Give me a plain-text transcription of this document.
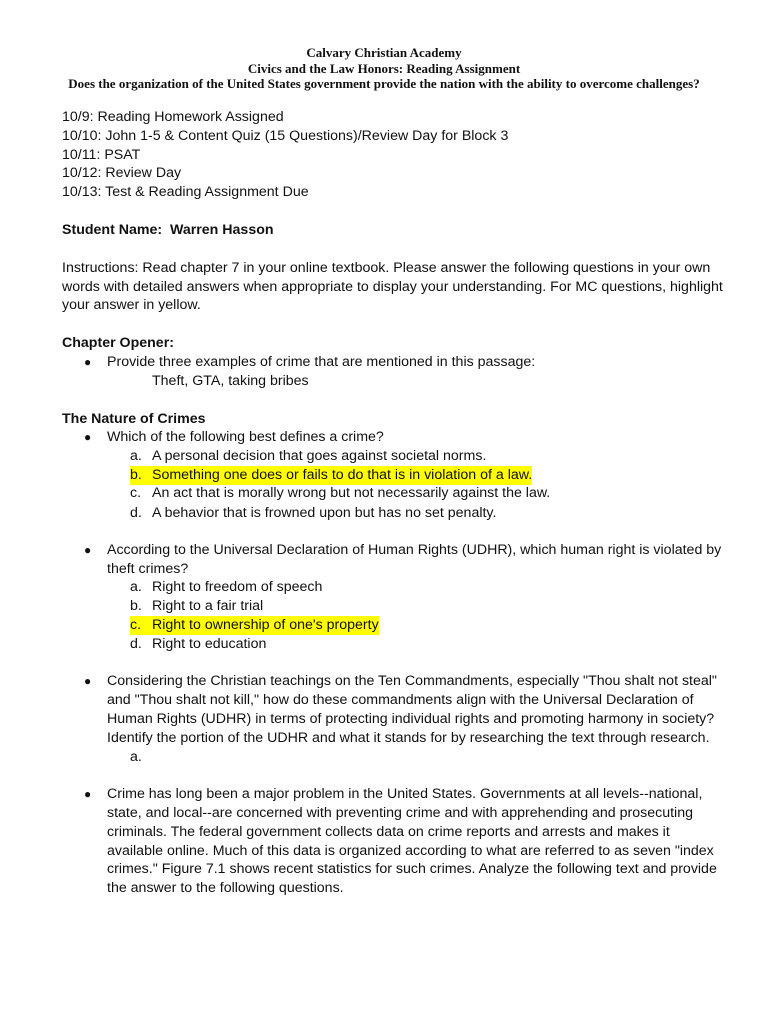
Calvary Christian Academy
Civics and the Law Honors: Reading Assignment
Does the organization of the United States government provide the nation with the ability to overcome challenges?
10/9: Reading Homework Assigned
10/10: John 1-5 & Content Quiz (15 Questions)/Review Day for Block 3
10/11: PSAT
10/12: Review Day
10/13: Test & Reading Assignment Due
Student Name: Warren Hasson
Instructions: Read chapter 7 in your online textbook. Please answer the following questions in your own
words with detailed answers when appropriate to display your understanding. For MC questions, highlight
your answer in yellow.
Chapter Opener:
● Provide three examples of crime that are mentioned in this passage:
Theft, GTA, taking bribes
The Nature of Crimes
● Which of the following best defines a crime?
a. A personal decision that goes against societal norms.
b. Something one does or fails to do that is in violation of a law.
c. An act that is morally wrong but not necessarily against the law.
d. A behavior that is frowned upon but has no set penalty.
● According to the Universal Declaration of Human Rights (UDHR), which human right is violated by
theft crimes?
a. Right to freedom of speech
b. Right to a fair trial
c. Right to ownership of one's property
d. Right to education
● Considering the Christian teachings on the Ten Commandments, especially "Thou shalt not steal"
and "Thou shalt not kill," how do these commandments align with the Universal Declaration of
Human Rights (UDHR) in terms of protecting individual rights and promoting harmony in society?
Identify the portion of the UDHR and what it stands for by researching the text through research.
a.
● Crime has long been a major problem in the United States. Governments at all levels--national,
state, and local--are concerned with preventing crime and with apprehending and prosecuting
criminals. The federal government collects data on crime reports and arrests and makes it
available online. Much of this data is organized according to what are referred to as seven "index
crimes." Figure 7.1 shows recent statistics for such crimes. Analyze the following text and provide
the answer to the following questions.
